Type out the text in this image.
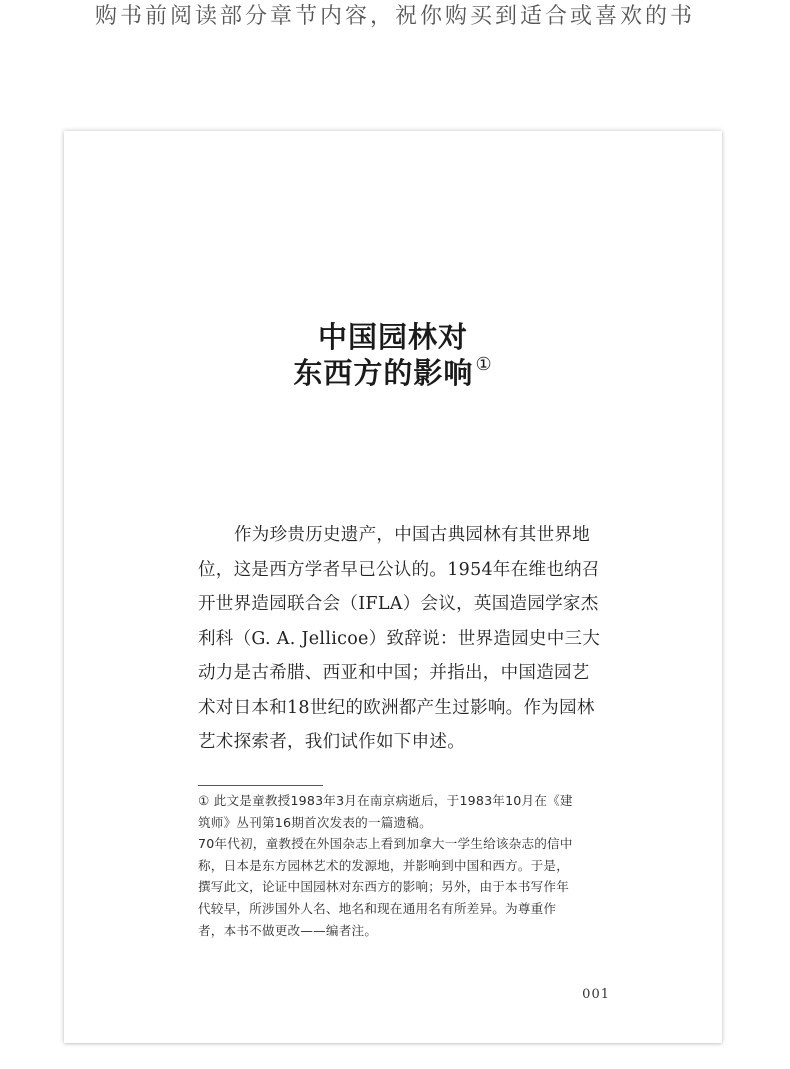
购书前阅读部分章节内容，祝你购买到适合或喜欢的书
中国园林对
东西方的影响 ①
作为珍贵历史遗产，中国古典园林有其世界地
位，这是西方学者早已公认的。1954年在维也纳召
开世界造园联合会（IFLA）会议，英国造园学家杰
利科（G. A. Jellicoe）致辞说：世界造园史中三大
动力是古希腊、西亚和中国；并指出，中国造园艺
术对日本和18世纪的欧洲都产生过影响。作为园林
艺术探索者，我们试作如下申述。
① 此文是童教授1983年3月在南京病逝后，于1983年10月在《建
筑师》丛刊第16期首次发表的一篇遗稿。
70年代初，童教授在外国杂志上看到加拿大一学生给该杂志的信中
称，日本是东方园林艺术的发源地，并影响到中国和西方。于是，
撰写此文，论证中国园林对东西方的影响；另外，由于本书写作年
代较早，所涉国外人名、地名和现在通用名有所差异。为尊重作
者，本书不做更改——编者注。
001
